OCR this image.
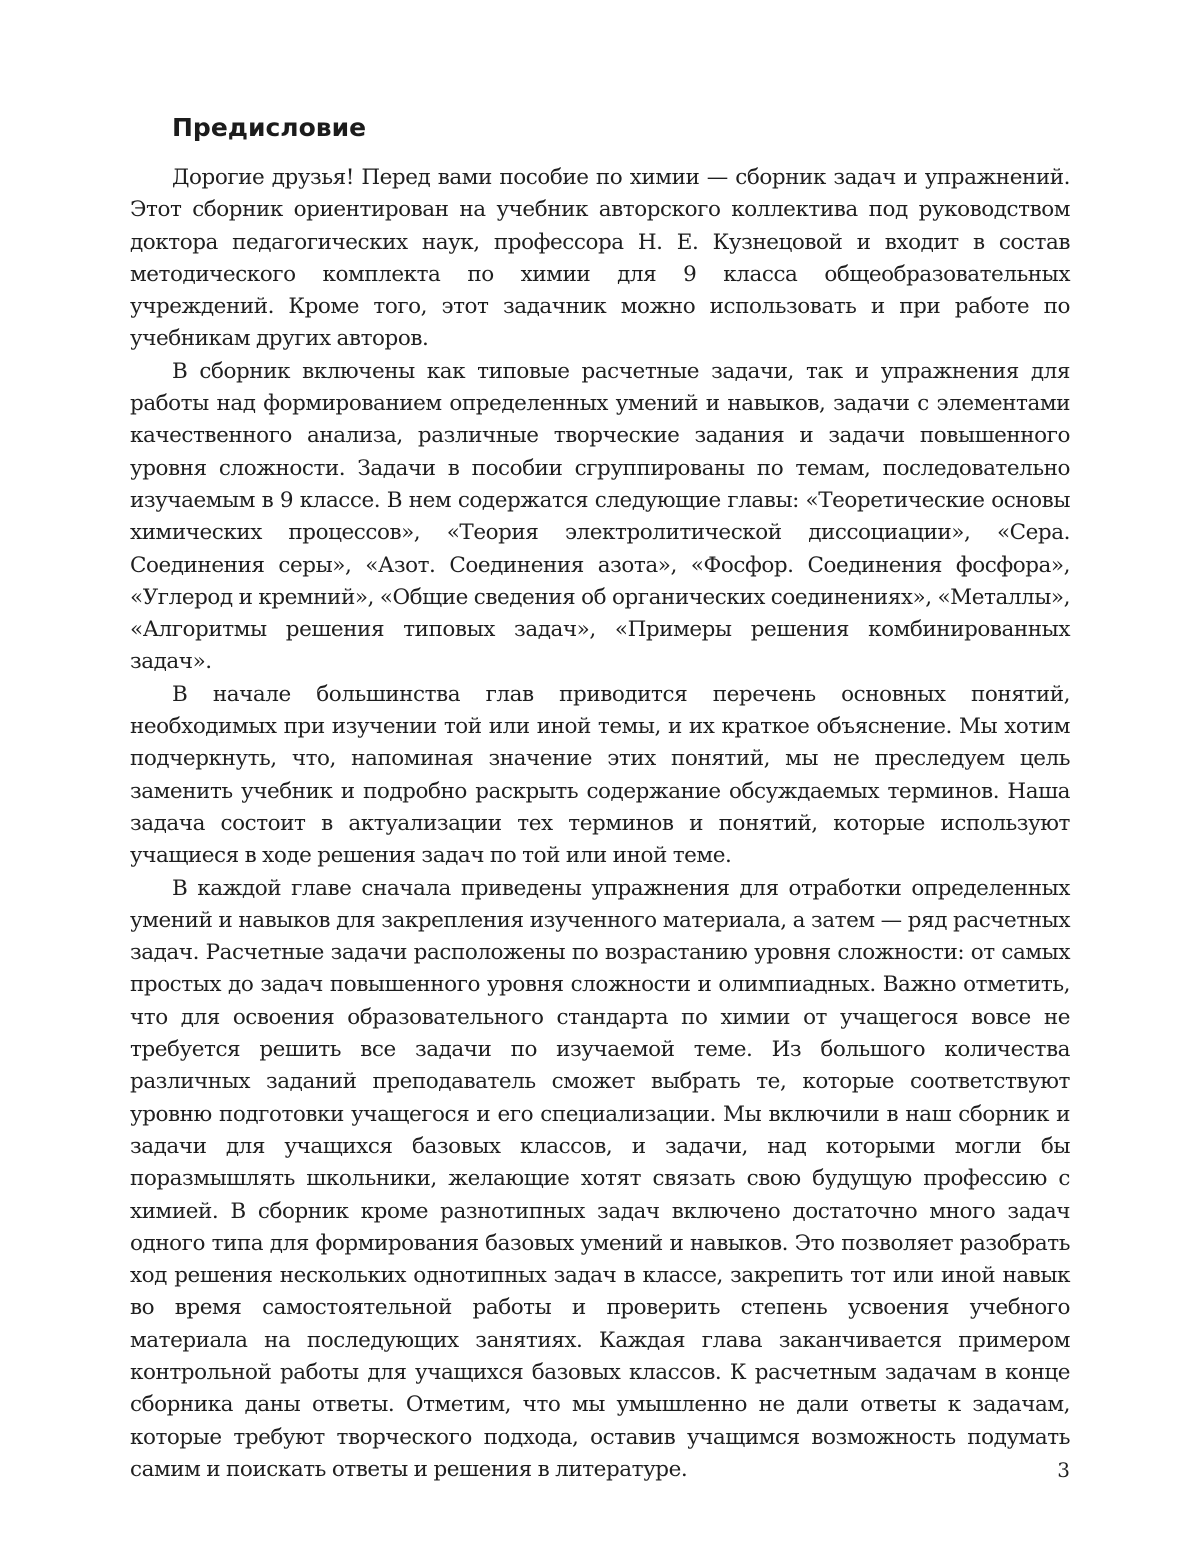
Предисловие

Дорогие друзья! Перед вами пособие по химии — сборник задач и упражнений. Этот сборник ориентирован на учебник авторского коллектива под руководством доктора педагогических наук, профессора Н. Е. Кузнецовой и входит в состав методического комплекта по химии для 9 класса общеобразовательных учреждений. Кроме того, этот задачник можно использовать и при работе по учебникам других авторов.

В сборник включены как типовые расчетные задачи, так и упражнения для работы над формированием определенных умений и навыков, задачи с элементами качественного анализа, различные творческие задания и задачи повышенного уровня сложности. Задачи в пособии сгруппированы по темам, последовательно изучаемым в 9 классе. В нем содержатся следующие главы: «Теоретические основы химических процессов», «Теория электролитической диссоциации», «Сера. Соединения серы», «Азот. Соединения азота», «Фосфор. Соединения фосфора», «Углерод и кремний», «Общие сведения об органических соединениях», «Металлы», «Алгоритмы решения типовых задач», «Примеры решения комбинированных задач».

В начале большинства глав приводится перечень основных понятий, необходимых при изучении той или иной темы, и их краткое объяснение. Мы хотим подчеркнуть, что, напоминая значение этих понятий, мы не преследуем цель заменить учебник и подробно раскрыть содержание обсуждаемых терминов. Наша задача состоит в актуализации тех терминов и понятий, которые используют учащиеся в ходе решения задач по той или иной теме.

В каждой главе сначала приведены упражнения для отработки определенных умений и навыков для закрепления изученного материала, а затем — ряд расчетных задач. Расчетные задачи расположены по возрастанию уровня сложности: от самых простых до задач повышенного уровня сложности и олимпиадных. Важно отметить, что для освоения образовательного стандарта по химии от учащегося вовсе не требуется решить все задачи по изучаемой теме. Из большого количества различных заданий преподаватель сможет выбрать те, которые соответствуют уровню подготовки учащегося и его специализации. Мы включили в наш сборник и задачи для учащихся базовых классов, и задачи, над которыми могли бы поразмышлять школьники, желающие хотят связать свою будущую профессию с химией. В сборник кроме разнотипных задач включено достаточно много задач одного типа для формирования базовых умений и навыков. Это позволяет разобрать ход решения нескольких однотипных задач в классе, закрепить тот или иной навык во время самостоятельной работы и проверить степень усвоения учебного материала на последующих занятиях. Каждая глава заканчивается примером контрольной работы для учащихся базовых классов. К расчетным задачам в конце сборника даны ответы. Отметим, что мы умышленно не дали ответы к задачам, которые требуют творческого подхода, оставив учащимся возможность подумать самим и поискать ответы и решения в литературе.	3
